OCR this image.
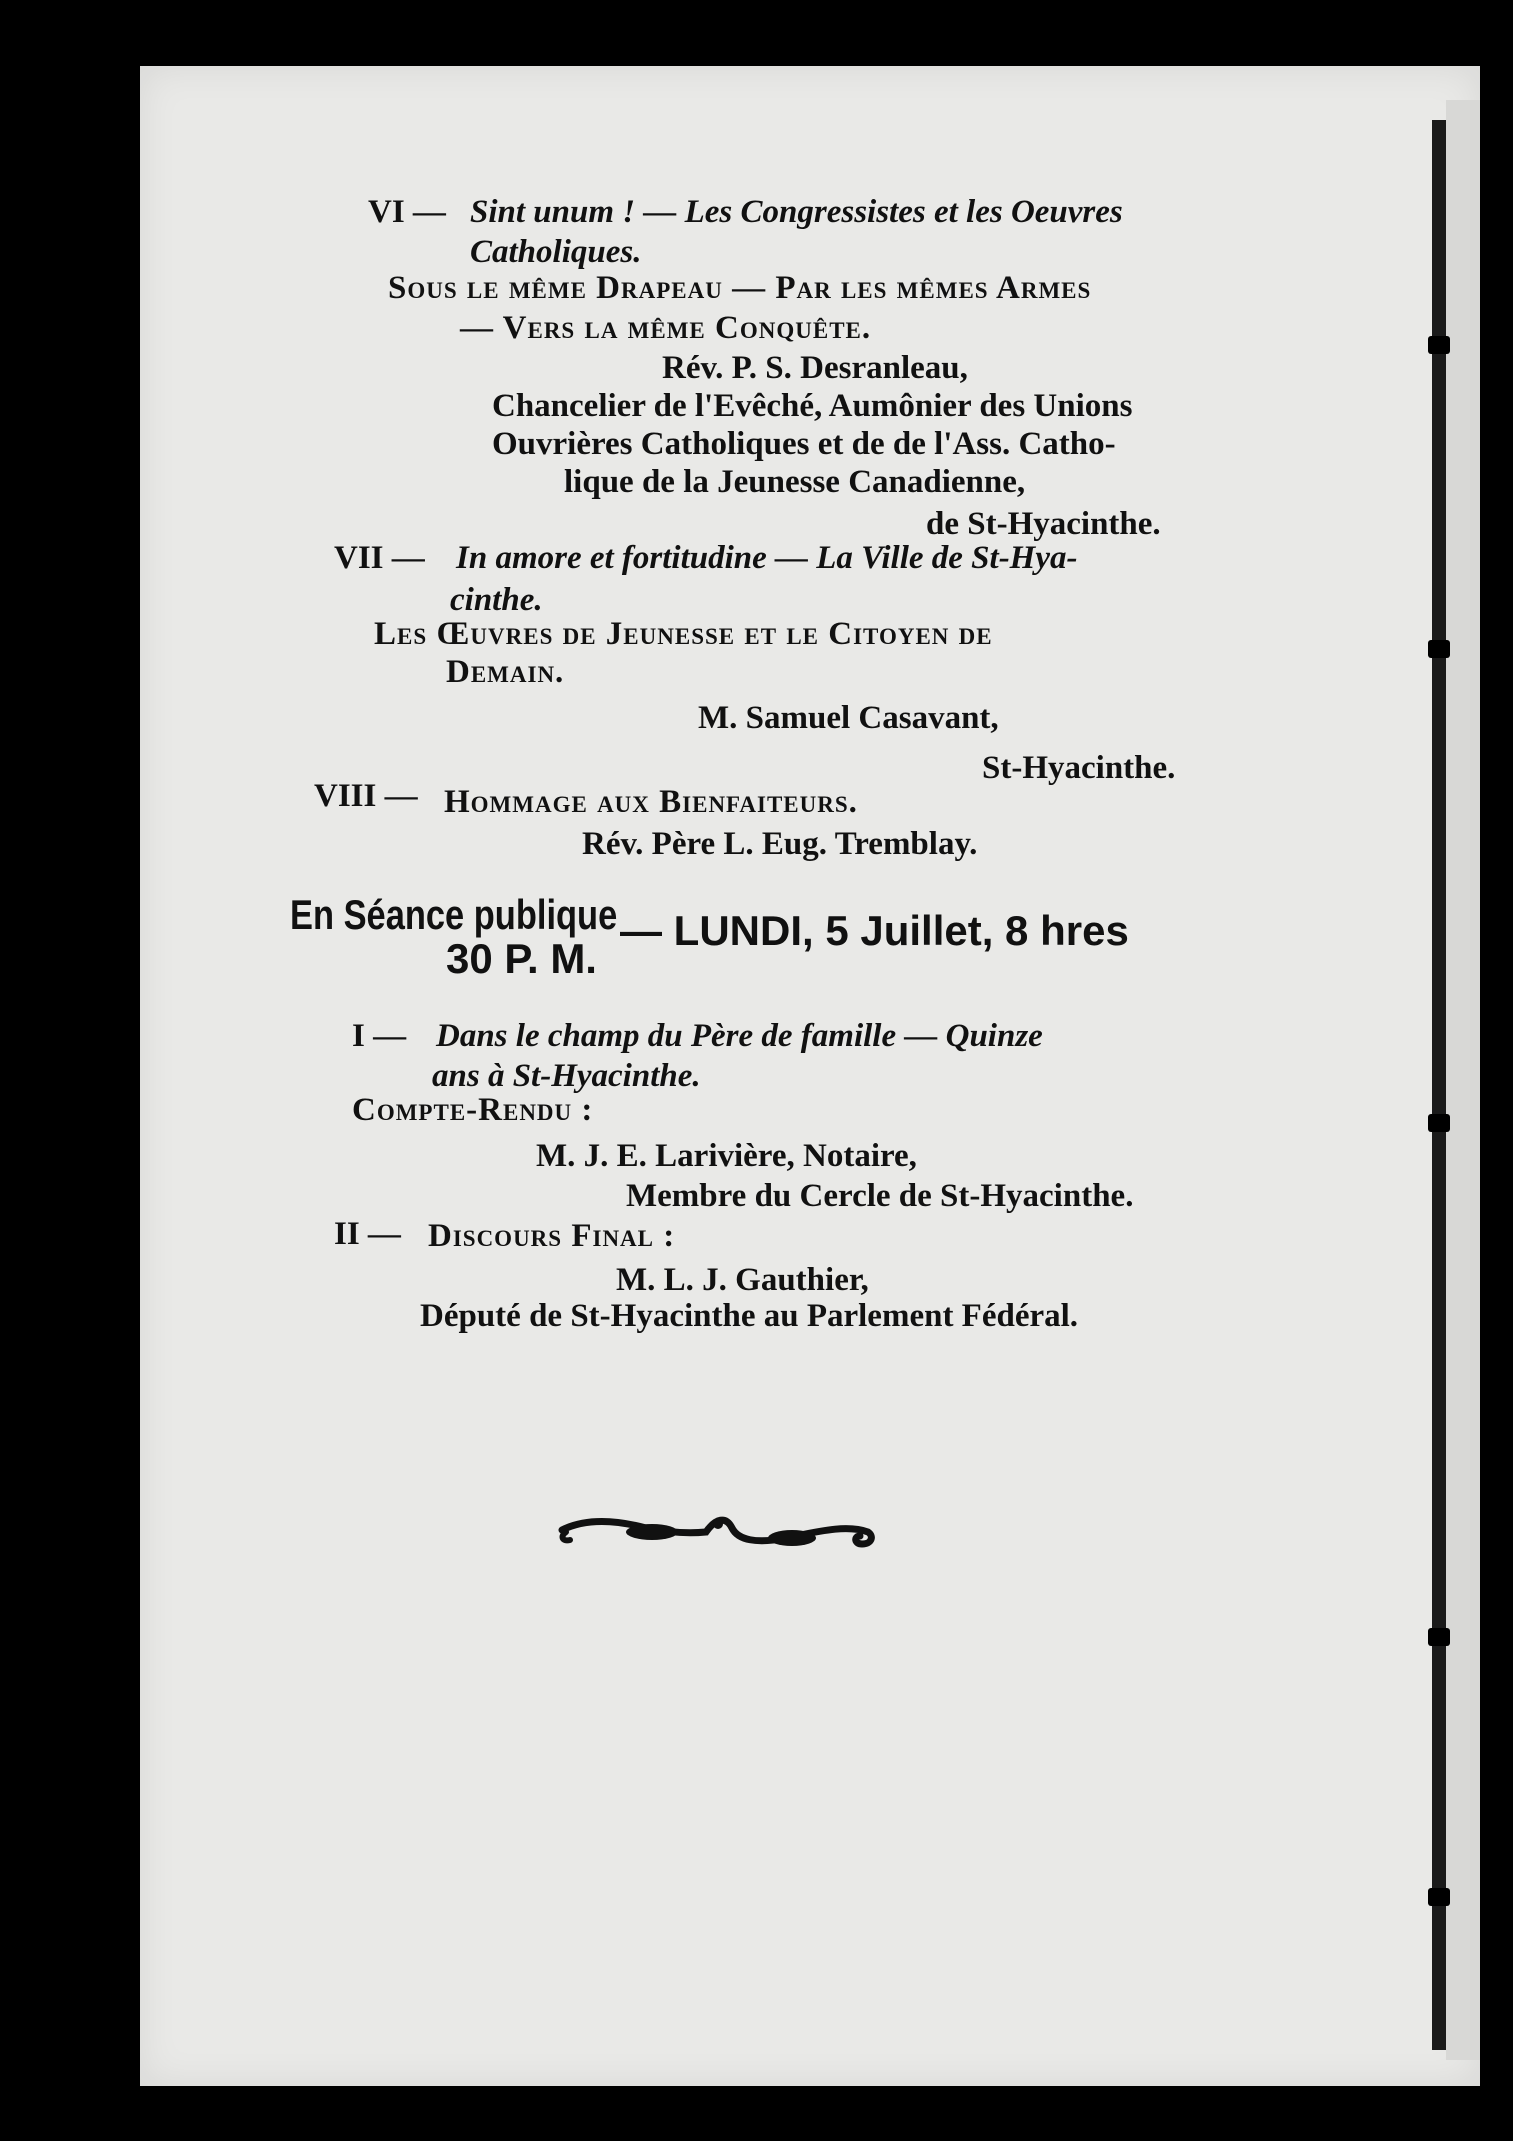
VI — Sint unum ! — Les Congressistes et les Oeuvres
Catholiques.
Sous le même Drapeau — Par les mêmes Armes
— Vers la même Conquête.
Rév. P. S. Desranleau,
Chancelier de l'Evêché, Aumônier des Unions
Ouvrières Catholiques et de de l'Ass. Catho-
lique de la Jeunesse Canadienne,
de St-Hyacinthe.
VII — In amore et fortitudine — La Ville de St-Hya-
cinthe.
Les Œuvres de Jeunesse et le Citoyen de
Demain.
M. Samuel Casavant,
St-Hyacinthe.
VIII — Hommage aux Bienfaiteurs.
Rév. Père L. Eug. Tremblay.
En Séance publique — LUNDI, 5 Juillet, 8 hres
30 P. M.
I — Dans le champ du Père de famille — Quinze
ans à St-Hyacinthe.
Compte-Rendu :
M. J. E. Larivière, Notaire,
Membre du Cercle de St-Hyacinthe.
II — Discours Final :
M. L. J. Gauthier,
Député de St-Hyacinthe au Parlement Fédéral.
